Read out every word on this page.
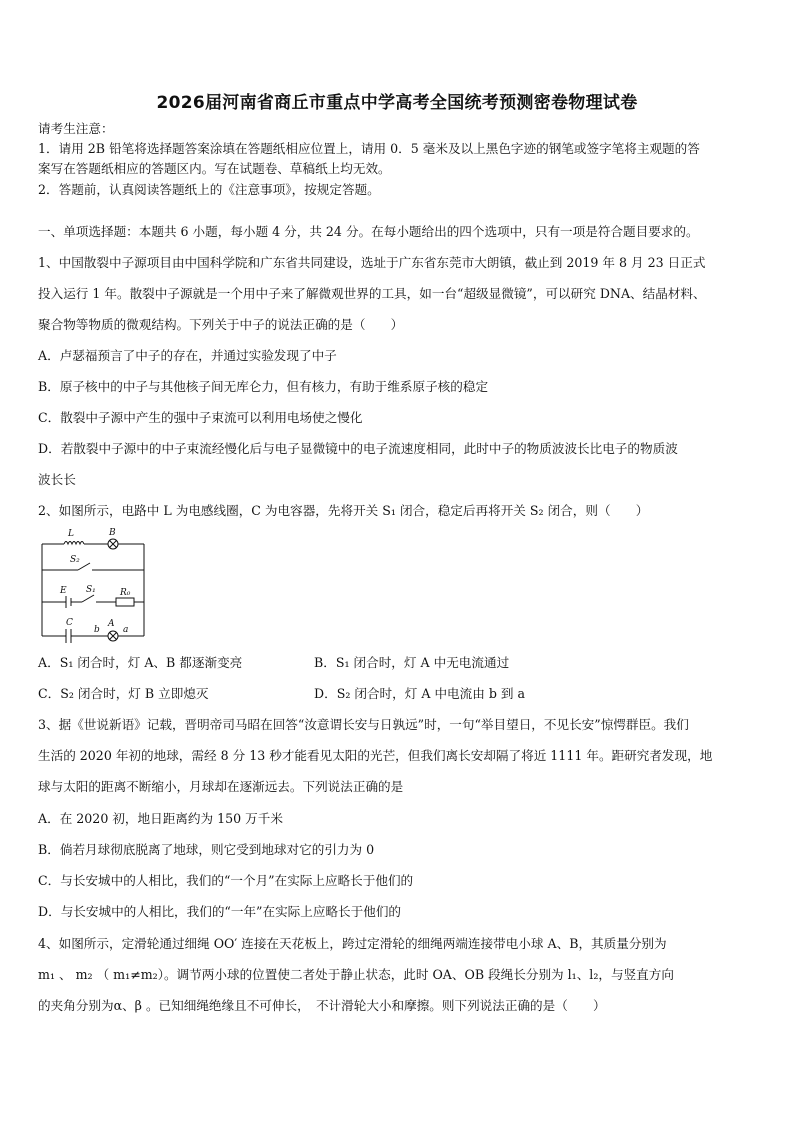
2026届河南省商丘市重点中学高考全国统考预测密卷物理试卷
请考生注意：
1．请用 2B 铅笔将选择题答案涂填在答题纸相应位置上，请用 0．5 毫米及以上黑色字迹的钢笔或签字笔将主观题的答
案写在答题纸相应的答题区内。写在试题卷、草稿纸上均无效。
2．答题前，认真阅读答题纸上的《注意事项》，按规定答题。
一、单项选择题：本题共 6 小题，每小题 4 分，共 24 分。在每小题给出的四个选项中，只有一项是符合题目要求的。
1、中国散裂中子源项目由中国科学院和广东省共同建设，选址于广东省东莞市大朗镇，截止到 2019 年 8 月 23 日正式
投入运行 1 年。散裂中子源就是一个用中子来了解微观世界的工具，如一台“超级显微镜”，可以研究 DNA、结晶材料、
聚合物等物质的微观结构。下列关于中子的说法正确的是（　　）
A．卢瑟福预言了中子的存在，并通过实验发现了中子
B．原子核中的中子与其他核子间无库仑力，但有核力，有助于维系原子核的稳定
C．散裂中子源中产生的强中子束流可以利用电场使之慢化
D．若散裂中子源中的中子束流经慢化后与电子显微镜中的电子流速度相同，此时中子的物质波波长比电子的物质波
波长长
2、如图所示，电路中 L 为电感线圈，C 为电容器，先将开关 S₁ 闭合，稳定后再将开关 S₂ 闭合，则（　　）
L	B
S₂
E S₁	R₀
C
b
A
a
A．S₁ 闭合时，灯 A、B 都逐渐变亮	B．S₁ 闭合时，灯 A 中无电流通过
C．S₂ 闭合时，灯 B 立即熄灭	D．S₂ 闭合时，灯 A 中电流由 b 到 a
3、据《世说新语》记载，晋明帝司马昭在回答“汝意谓长安与日孰远”时，一句“举目望日，不见长安”惊愕群臣。我们
生活的 2020 年初的地球，需经 8 分 13 秒才能看见太阳的光芒，但我们离长安却隔了将近 1111 年。距研究者发现，地
球与太阳的距离不断缩小，月球却在逐渐远去。下列说法正确的是
A．在 2020 初，地日距离约为 150 万千米
B．倘若月球彻底脱离了地球，则它受到地球对它的引力为 0
C．与长安城中的人相比，我们的“一个月”在实际上应略长于他们的
D．与长安城中的人相比，我们的“一年”在实际上应略长于他们的
4、如图所示，定滑轮通过细绳 OO′ 连接在天花板上，跨过定滑轮的细绳两端连接带电小球 A、B，其质量分别为
m₁ 、 m₂ （ m₁≠m₂）。调节两小球的位置使二者处于静止状态，此时 OA、OB 段绳长分别为 l₁、l₂，与竖直方向
的夹角分别为α、β 。已知细绳绝缘且不可伸长，　不计滑轮大小和摩擦。则下列说法正确的是（　　）
